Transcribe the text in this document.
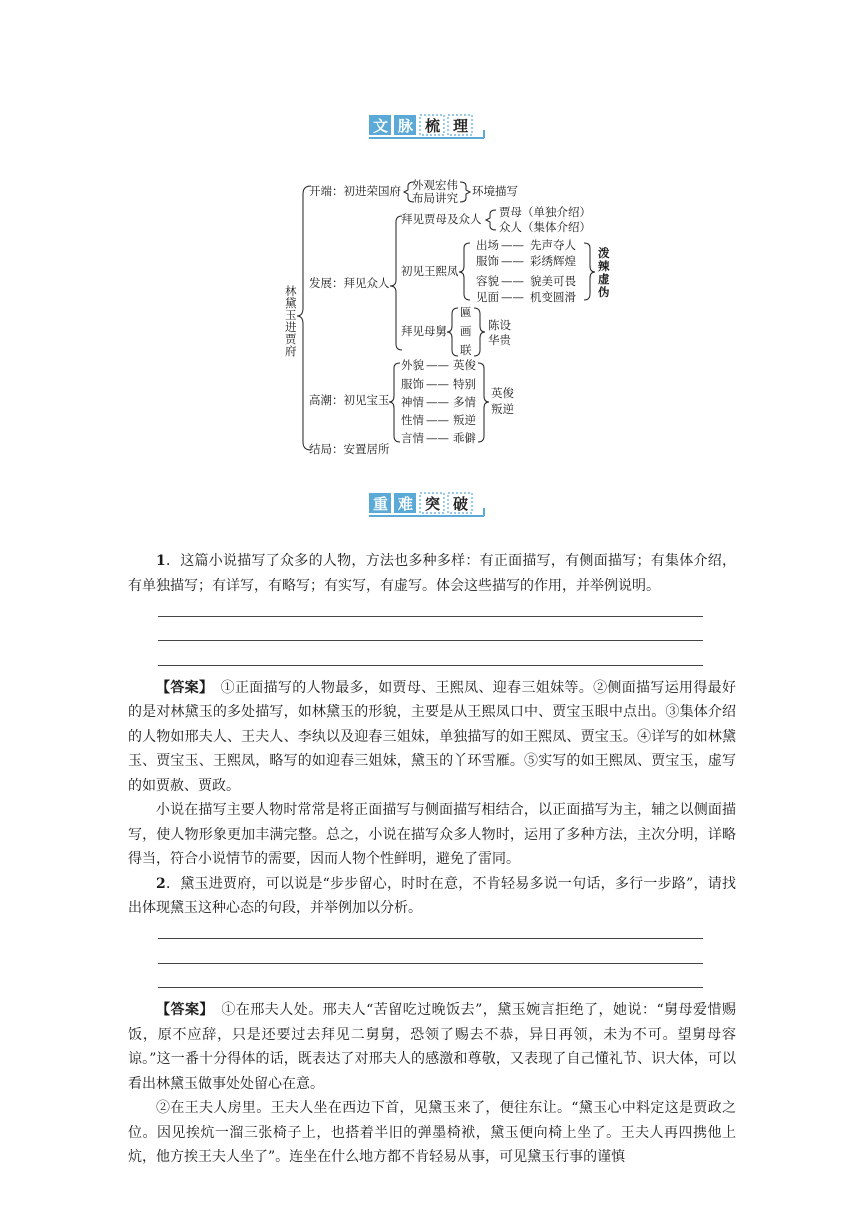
文 脉 梳 理
林
黛
玉
进
贾
府
开端：初进荣国府 外观宏伟
布局讲究 环境描写
发展：拜见众人
拜见贾母及众人 贾母（单独介绍）
众人（集体介绍）
初见王熙凤
出场 —— 先声夺人
服饰 —— 彩绣辉煌
容貌 —— 貌美可畏
见面 —— 机变圆滑
泼
辣
虚
伪
拜见母舅
匾
画
联
陈设
华贵
高潮：初见宝玉
外貌 —— 英俊
服饰 —— 特别
神情 —— 多情
性情 —— 叛逆
言情 —— 乖僻
英俊
叛逆
结局：安置居所
重 难 突 破

1．这篇小说描写了众多的人物，方法也多种多样：有正面描写，有侧面描写；有集体介绍，有单独描写；有详写，有略写；有实写，有虚写。体会这些描写的作用，并举例说明。

【答案】　①正面描写的人物最多，如贾母、王熙凤、迎春三姐妹等。②侧面描写运用得最好的是对林黛玉的多处描写，如林黛玉的形貌，主要是从王熙凤口中、贾宝玉眼中点出。③集体介绍的人物如邢夫人、王夫人、李纨以及迎春三姐妹，单独描写的如王熙凤、贾宝玉。④详写的如林黛玉、贾宝玉、王熙凤，略写的如迎春三姐妹，黛玉的丫环雪雁。⑤实写的如王熙凤、贾宝玉，虚写的如贾赦、贾政。

小说在描写主要人物时常常是将正面描写与侧面描写相结合，以正面描写为主，辅之以侧面描写，使人物形象更加丰满完整。总之，小说在描写众多人物时，运用了多种方法，主次分明，详略得当，符合小说情节的需要，因而人物个性鲜明，避免了雷同。

2．黛玉进贾府，可以说是“步步留心，时时在意，不肯轻易多说一句话，多行一步路”，请找出体现黛玉这种心态的句段，并举例加以分析。

【答案】　①在邢夫人处。邢夫人“苦留吃过晚饭去”，黛玉婉言拒绝了，她说：“舅母爱惜赐饭，原不应辞，只是还要过去拜见二舅舅，恐领了赐去不恭，异日再领，未为不可。望舅母容谅。”这一番十分得体的话，既表达了对邢夫人的感激和尊敬，又表现了自己懂礼节、识大体，可以看出林黛玉做事处处留心在意。

②在王夫人房里。王夫人坐在西边下首，见黛玉来了，便往东让。“黛玉心中料定这是贾政之位。因见挨炕一溜三张椅子上，也搭着半旧的弹墨椅袱，黛玉便向椅上坐了。王夫人再四携他上炕，他方挨王夫人坐了”。连坐在什么地方都不肯轻易从事，可见黛玉行事的谨慎
